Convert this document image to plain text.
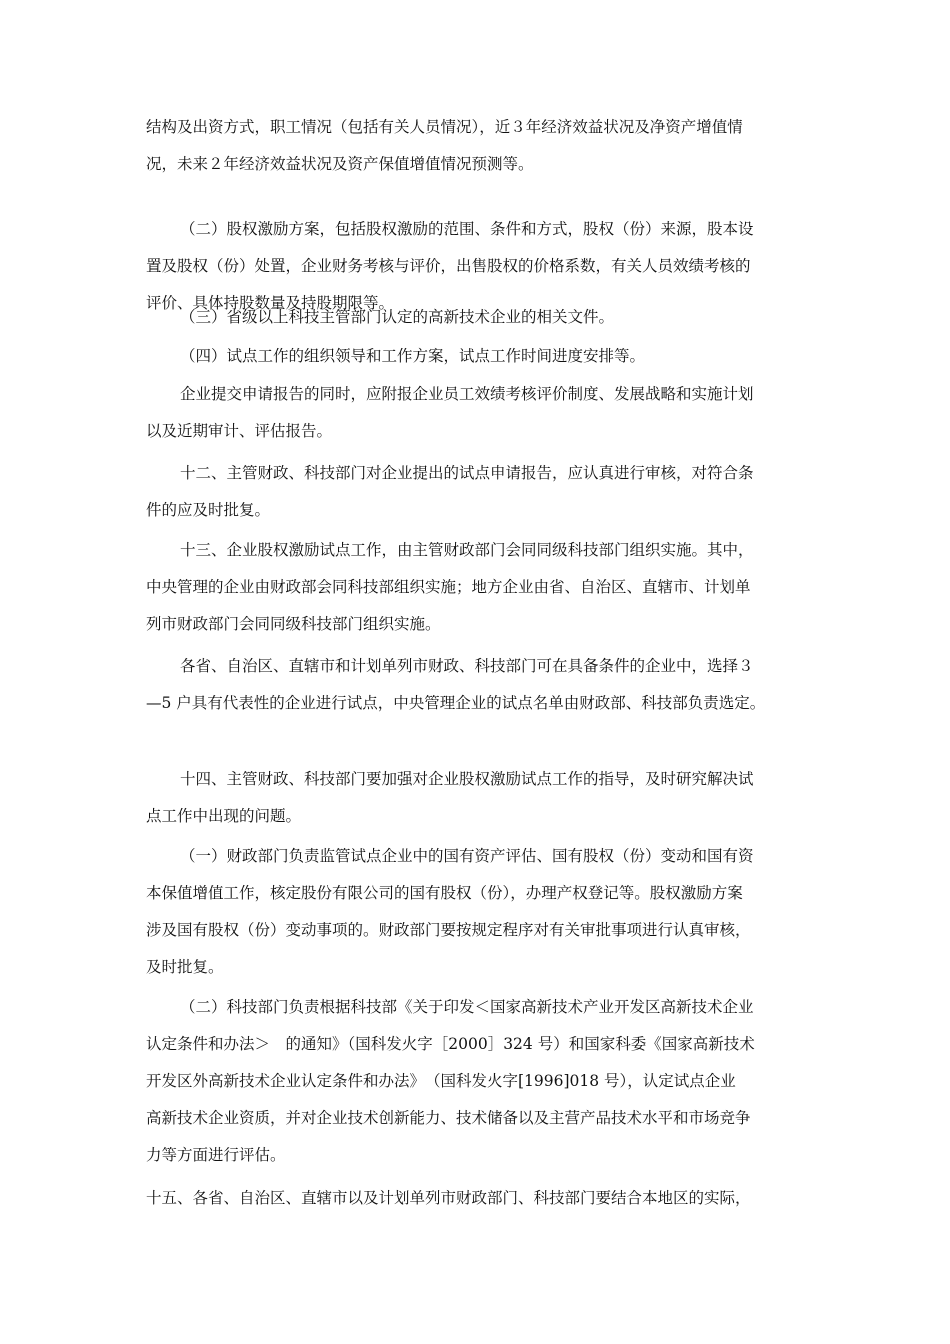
结构及出资方式，职工情况（包括有关人员情况），近３年经济效益状况及净资产增值情
况，未来２年经济效益状况及资产保值增值情况预测等。
（二）股权激励方案，包括股权激励的范围、条件和方式，股权（份）来源，股本设
置及股权（份）处置，企业财务考核与评价，出售股权的价格系数，有关人员效绩考核的
评价、具体持股数量及持股期限等。
（三）省级以上科技主管部门认定的高新技术企业的相关文件。
（四）试点工作的组织领导和工作方案，试点工作时间进度安排等。
企业提交申请报告的同时，应附报企业员工效绩考核评价制度、发展战略和实施计划
以及近期审计、评估报告。
十二、主管财政、科技部门对企业提出的试点申请报告，应认真进行审核，对符合条
件的应及时批复。
十三、企业股权激励试点工作，由主管财政部门会同同级科技部门组织实施。其中，
中央管理的企业由财政部会同科技部组织实施；地方企业由省、自治区、直辖市、计划单
列市财政部门会同同级科技部门组织实施。
各省、自治区、直辖市和计划单列市财政、科技部门可在具备条件的企业中，选择３
—5 户具有代表性的企业进行试点，中央管理企业的试点名单由财政部、科技部负责选定。
十四、主管财政、科技部门要加强对企业股权激励试点工作的指导，及时研究解决试
点工作中出现的问题。
（一）财政部门负责监管试点企业中的国有资产评估、国有股权（份）变动和国有资
本保值增值工作，核定股份有限公司的国有股权（份），办理产权登记等。股权激励方案
涉及国有股权（份）变动事项的。财政部门要按规定程序对有关审批事项进行认真审核，
及时批复。
（二）科技部门负责根据科技部《关于印发＜国家高新技术产业开发区高新技术企业
认定条件和办法＞　的通知》（国科发火字［2000］324 号）和国家科委《国家高新技术
开发区外高新技术企业认定条件和办法》　（国科发火字[1996]018 号），认定试点企业
高新技术企业资质，并对企业技术创新能力、技术储备以及主营产品技术水平和市场竞争
力等方面进行评估。
十五、各省、自治区、直辖市以及计划单列市财政部门、科技部门要结合本地区的实际，
